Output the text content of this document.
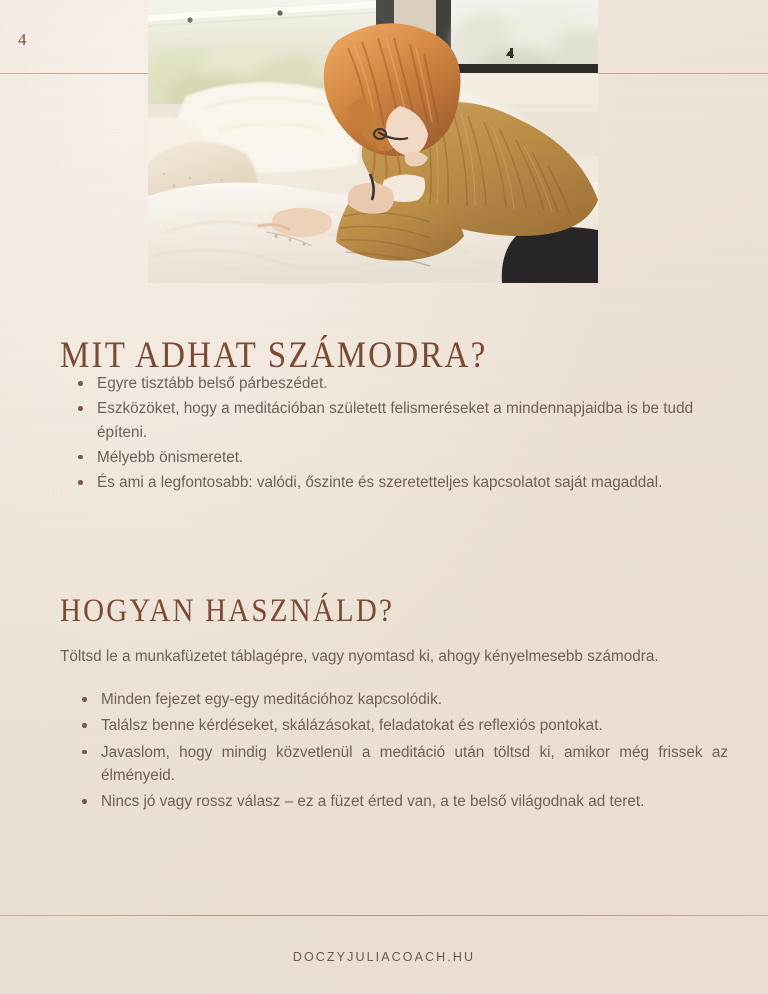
4
MIT ADHAT SZÁMODRA?
Egyre tisztább belső párbeszédet.
Eszközöket, hogy a meditációban született felismeréseket a mindennapjaidba is be tudd építeni.
Mélyebb önismeretet.
És ami a legfontosabb: valódi, őszinte és szeretetteljes kapcsolatot saját magaddal.
HOGYAN HASZNÁLD?

Töltsd le a munkafüzetet táblagépre, vagy nyomtasd ki, ahogy kényelmesebb számodra.

Minden fejezet egy-egy meditációhoz kapcsolódik.
Találsz benne kérdéseket, skálázásokat, feladatokat és reflexiós pontokat.
Javaslom, hogy mindig közvetlenül a meditáció után töltsd ki, amikor még frissek az élményeid.
Nincs jó vagy rossz válasz – ez a füzet érted van, a te belső világodnak ad teret.
DOCZYJULIACOACH.HU
